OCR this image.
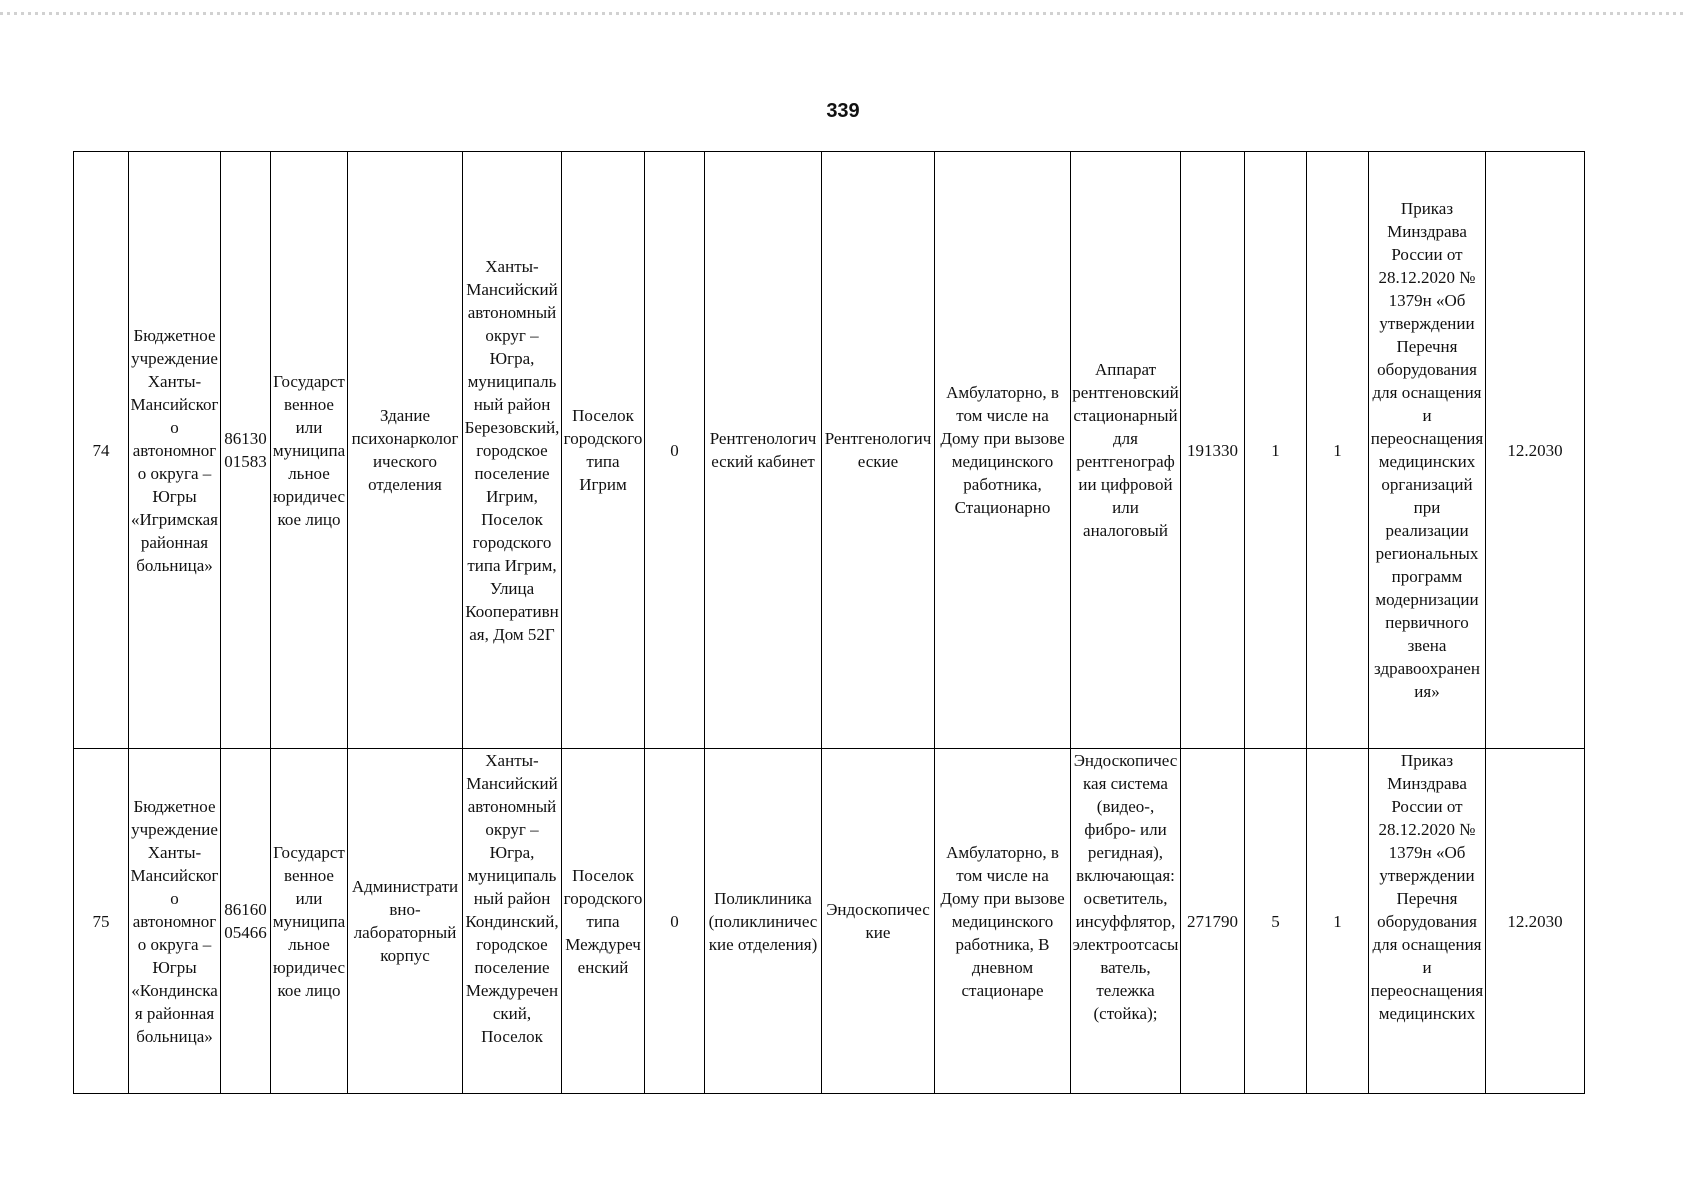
339
74	Бюджетное учреждение Ханты-Мансийского автономного округа – Югры «Игримская районная больница»	8613001583	Государственное или муниципальное юридическое лицо	Здание психонаркологического отделения	Ханты-Мансийский автономный округ – Югра, муниципальный район Березовский, городское поселение Игрим, Поселок городского типа Игрим, Улица Кооперативная, Дом 52Г	Поселок городского типа Игрим	0	Рентгенологический кабинет	Рентгенологические	Амбулаторно, в том числе на Дому при вызове медицинского работника, Стационарно	Аппарат рентгеновский стационарный для рентгенографии цифровой или аналоговый	191330	1	1	Приказ Минздрава России от 28.12.2020 № 1379н «Об утверждении Перечня оборудования для оснащения и переоснащения медицинских организаций при реализации региональных программ модернизации первичного звена здравоохранения»	12.2030
75	Бюджетное учреждение Ханты-Мансийского автономного округа – Югры «Кондинская районная больница»	8616005466	Государственное или муниципальное юридическое лицо	Административно-лабораторный корпус	Ханты-Мансийский автономный округ – Югра, муниципальный район Кондинский, городское поселение Междуреченский, Поселок	Поселок городского типа Междуреченский	0	Поликлиника (поликлинические отделения)	Эндоскопические	Амбулаторно, в том числе на Дому при вызове медицинского работника, В дневном стационаре	Эндоскопическая система (видео-, фибро- или регидная), включающая: осветитель, инсуффлятор, электроотсасыватель, тележка (стойка);	271790	5	1	Приказ Минздрава России от 28.12.2020 № 1379н «Об утверждении Перечня оборудования для оснащения и переоснащения медицинских	12.2030
